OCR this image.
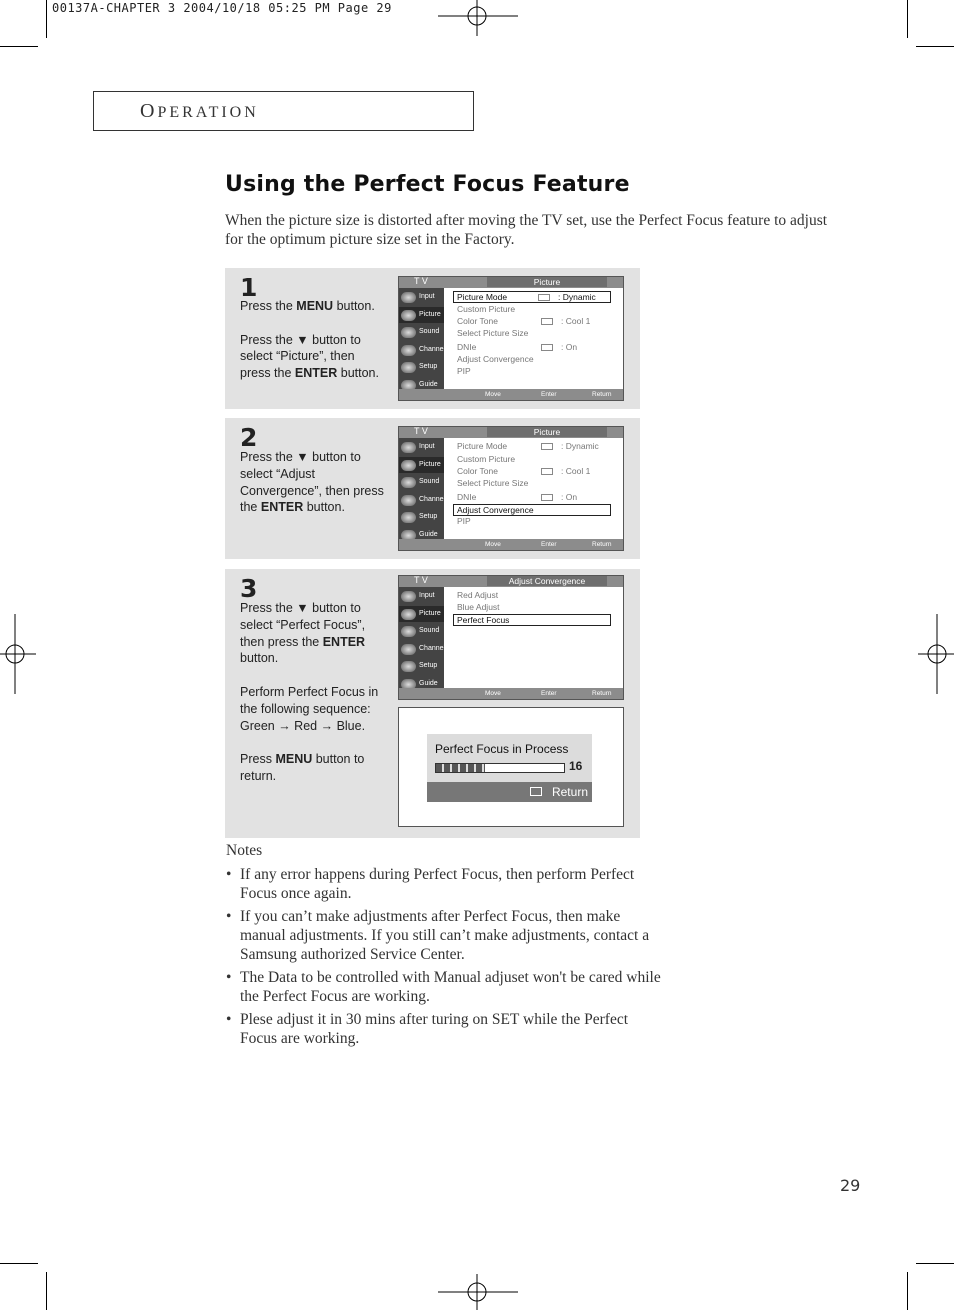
00137A-CHAPTER 3 2004/10/18 05:25 PM Page 29
OPERATION
Using the Perfect Focus Feature
When the picture size is distorted after moving the TV set, use the Perfect Focus feature to adjust for the optimum picture size set in the Factory.
1
Press the MENU button.

Press the ▼ button to
select “Picture”, then
press the ENTER button.
T V	Picture
Input
Picture
Sound
Channel
Setup
Guide
Picture Mode	: Dynamic
Custom Picture
Color Tone	: Cool 1
Select Picture Size
DNIe	: On
Adjust Convergence
PIP
Move	Enter	Return
2
Press the ▼ button to
select “Adjust
Convergence”, then press
the ENTER button.
T V	Picture
Input
Picture
Sound
Channel
Setup
Guide
Picture Mode	: Dynamic
Custom Picture
Color Tone	: Cool 1
Select Picture Size
DNIe	: On
Adjust Convergence
PIP
Move	Enter	Return
3
Press the ▼ button to
select “Perfect Focus”,
then press the ENTER
button.

Perform Perfect Focus in
the following sequence:
Green → Red → Blue.

Press MENU button to
return.
T V	Adjust Convergence
Input
Picture
Sound
Channel
Setup
Guide
Red Adjust
Blue Adjust
Perfect Focus
Move	Enter	Return
Perfect Focus in Process
16
Return
Notes
• If any error happens during Perfect Focus, then perform Perfect Focus once again.
• If you can’t make adjustments after Perfect Focus, then make manual adjustments. If you still can’t make adjustments, contact a Samsung authorized Service Center.
• The Data to be controlled with Manual adjuset won't be cared while the Perfect Focus are working.
• Plese adjust it in 30 mins after turing on SET while the Perfect Focus are working.
29
